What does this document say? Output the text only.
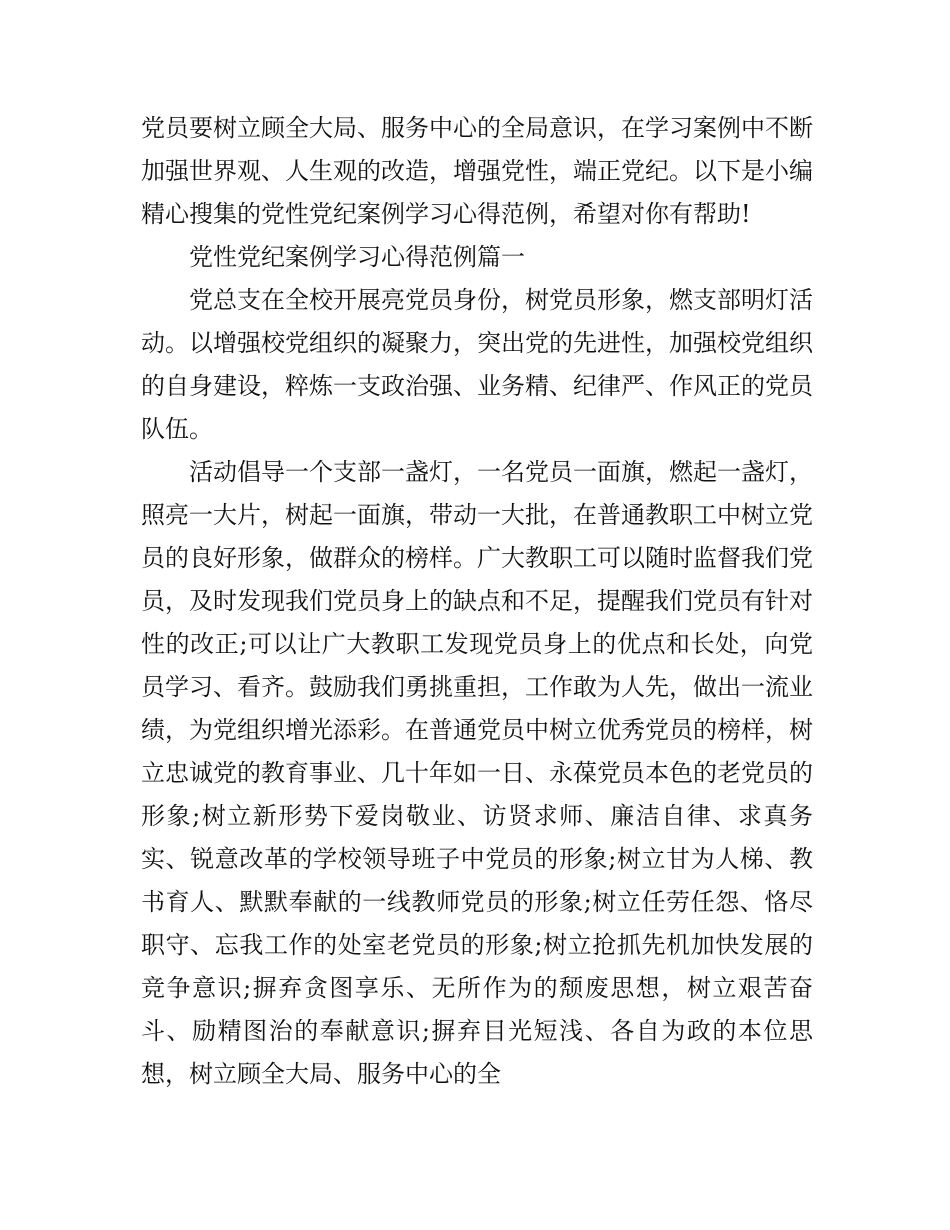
党员要树立顾全大局、服务中心的全局意识，在学习案例中不断加强世界观、人生观的改造，增强党性，端正党纪。以下是小编精心搜集的党性党纪案例学习心得范例，希望对你有帮助!

党性党纪案例学习心得范例篇一

党总支在全校开展亮党员身份，树党员形象，燃支部明灯活动。以增强校党组织的凝聚力，突出党的先进性，加强校党组织的自身建设，粹炼一支政治强、业务精、纪律严、作风正的党员队伍。

活动倡导一个支部一盏灯，一名党员一面旗，燃起一盏灯，照亮一大片，树起一面旗，带动一大批，在普通教职工中树立党员的良好形象，做群众的榜样。广大教职工可以随时监督我们党员，及时发现我们党员身上的缺点和不足，提醒我们党员有针对性的改正;可以让广大教职工发现党员身上的优点和长处，向党员学习、看齐。鼓励我们勇挑重担，工作敢为人先，做出一流业绩，为党组织增光添彩。在普通党员中树立优秀党员的榜样，树立忠诚党的教育事业、几十年如一日、永葆党员本色的老党员的形象;树立新形势下爱岗敬业、访贤求师、廉洁自律、求真务实、锐意改革的学校领导班子中党员的形象;树立甘为人梯、教书育人、默默奉献的一线教师党员的形象;树立任劳任怨、恪尽职守、忘我工作的处室老党员的形象;树立抢抓先机加快发展的竞争意识;摒弃贪图享乐、无所作为的颓废思想，树立艰苦奋斗、励精图治的奉献意识;摒弃目光短浅、各自为政的本位思想，树立顾全大局、服务中心的全
